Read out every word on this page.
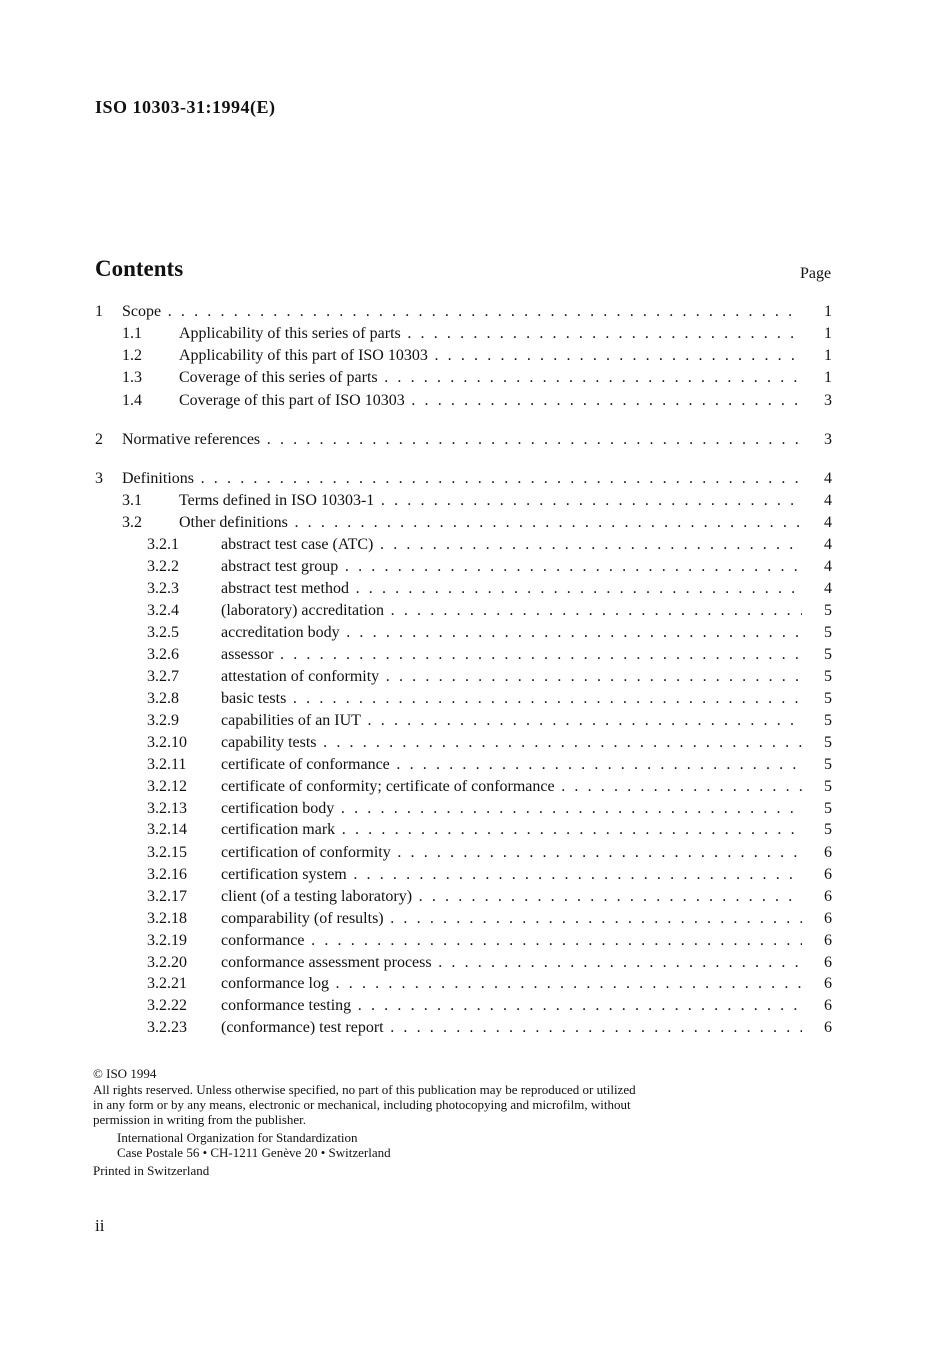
ISO 10303-31:1994(E)
Contents	Page
1 Scope . . .	1
1.1 Applicability of this series of parts . . .	1
1.2 Applicability of this part of ISO 10303 . . .	1
1.3 Coverage of this series of parts . . .	1
1.4 Coverage of this part of ISO 10303 . . .	3
2 Normative references . . .	3
3 Definitions . . .	4
3.1 Terms defined in ISO 10303-1 . . .	4
3.2 Other definitions . . .	4
3.2.1	abstract test case (ATC) . . .	4
3.2.2	abstract test group . . .	4
3.2.3	abstract test method . . .	4
3.2.4	(laboratory) accreditation . . .	5
3.2.5	accreditation body . . .	5
3.2.6	assessor . . .	5
3.2.7	attestation of conformity . . .	5
3.2.8	basic tests . . .	5
3.2.9	capabilities of an IUT . . .	5
3.2.10 capability tests . . .	5
3.2.11 certificate of conformance . . .	5
3.2.12 certificate of conformity; certificate of conformance . . .	5
3.2.13 certification body . . .	5
3.2.14 certification mark . . .	5
3.2.15 certification of conformity . . .	6
3.2.16 certification system . . .	6
3.2.17 client (of a testing laboratory) . . .	6
3.2.18 comparability (of results) . . .	6
3.2.19 conformance . . .	6
3.2.20 conformance assessment process . . .	6
3.2.21 conformance log . . .	6
3.2.22 conformance testing . . .	6
3.2.23 (conformance) test report . . .	6
© ISO 1994
All rights reserved. Unless otherwise specified, no part of this publication may be reproduced or utilized in any form or by any means, electronic or mechanical, including photocopying and microfilm, without permission in writing from the publisher.
International Organization for Standardization
Case Postale 56 • CH-1211 Genève 20 • Switzerland
Printed in Switzerland
ii
